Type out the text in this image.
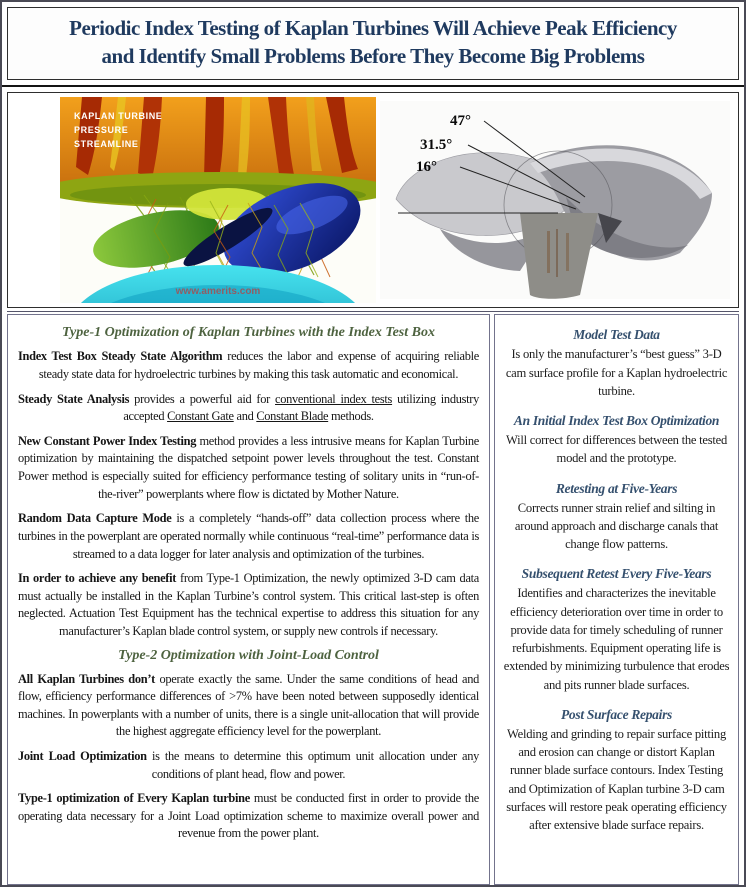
Periodic Index Testing of Kaplan Turbines Will Achieve Peak Efficiency
and Identify Small Problems Before They Become Big Problems
www.amerits.com
KAPLAN TURBINE
PRESSURE
STREAMLINE
47°
31.5°
16°
Type-1 Optimization of Kaplan Turbines with the Index Test Box

Index Test Box Steady State Algorithm reduces the labor and expense of acquiring reliable steady state data for hydroelectric turbines by making this task automatic and economical.

Steady State Analysis provides a powerful aid for conventional index tests utilizing industry accepted Constant Gate and Constant Blade methods.

New Constant Power Index Testing method provides a less intrusive means for Kaplan Turbine optimization by maintaining the dispatched setpoint power levels throughout the test. Constant Power method is especially suited for efficiency performance testing of solitary units in “run-of-the-river” powerplants where flow is dictated by Mother Nature.

Random Data Capture Mode is a completely “hands-off” data collection process where the turbines in the powerplant are operated normally while continuous “real-time” performance data is streamed to a data logger for later analysis and optimization of the turbines.

In order to achieve any benefit from Type-1 Optimization, the newly optimized 3-D cam data must actually be installed in the Kaplan Turbine’s control system. This critical last-step is often neglected. Actuation Test Equipment has the technical expertise to address this situation for any manufacturer’s Kaplan blade control system, or supply new controls if necessary.

Type-2 Optimization with Joint-Load Control

All Kaplan Turbines don’t operate exactly the same. Under the same conditions of head and flow, efficiency performance differences of >7% have been noted between supposedly identical machines. In powerplants with a number of units, there is a single unit-allocation that will provide the highest aggregate efficiency level for the powerplant.

Joint Load Optimization is the means to determine this optimum unit allocation under any conditions of plant head, flow and power.

Type-1 optimization of Every Kaplan turbine must be conducted first in order to provide the operating data necessary for a Joint Load optimization scheme to maximize overall power and revenue from the power plant.

Model Test Data
Is only the manufacturer’s “best guess” 3-D cam surface profile for a Kaplan hydroelectric turbine.
An Initial Index Test Box Optimization
Will correct for differences between the tested model and the prototype.
Retesting at Five-Years
Corrects runner strain relief and silting in around approach and discharge canals that change flow patterns.
Subsequent Retest Every Five-Years
Identifies and characterizes the inevitable efficiency deterioration over time in order to provide data for timely scheduling of runner refurbishments. Equipment operating life is extended by minimizing turbulence that erodes and pits runner blade surfaces.
Post Surface Repairs
Welding and grinding to repair surface pitting and erosion can change or distort Kaplan runner blade surface contours. Index Testing and Optimization of Kaplan turbine 3-D cam surfaces will restore peak operating efficiency after extensive blade surface repairs.
